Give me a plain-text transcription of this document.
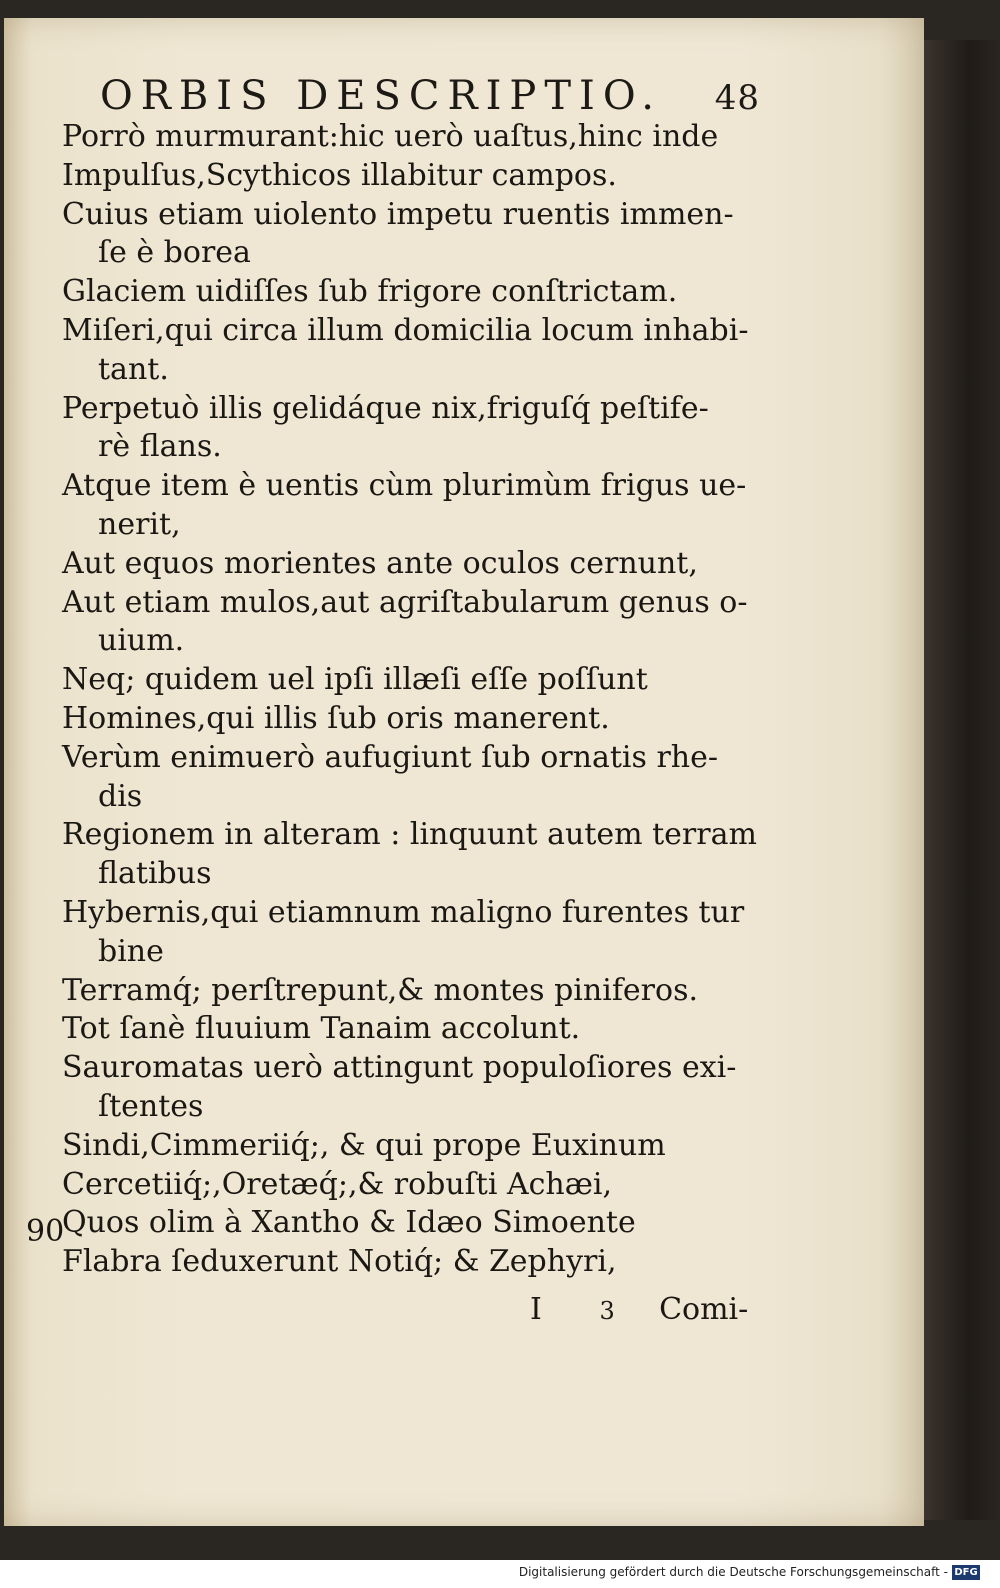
ORBIS DESCRIPTIO. 48
Porrò murmurant:hic uerò uaſtus,hinc inde
Impulſus,Scythicos illabitur campos.
Cuius etiam uiolento impetu ruentis immen-
ſe è borea
Glaciem uidiſſes ſub frigore conſtrictam.
Miſeri,qui circa illum domicilia locum inhabi-
tant.
Perpetuò illis gelidáque nix,friguſq́ peſtife-
rè flans.
Atque item è uentis cùm plurimùm frigus ue-
nerit,
Aut equos morientes ante oculos cernunt,
Aut etiam mulos,aut agriſtabularum genus o-
uium.
Neq; quidem uel ipſi illæſi eſſe poſſunt
Homines,qui illis ſub oris manerent.
Verùm enimuerò aufugiunt ſub ornatis rhe-
dis
Regionem in alteram : linquunt autem terram
flatibus
Hybernis,qui etiamnum maligno furentes tur
bine
Terramq́; perſtrepunt,& montes piniferos.
Tot ſanè fluuium Tanaim accolunt.
Sauromatas uerò attingunt populoſiores exi-
ſtentes
Sindi,Cimmeriiq́;, & qui prope Euxinum
Cercetiiq́;,Oretæq́;,& robuſti Achæi,
Quos olim à Xantho & Idæo Simoente
Flabra ſeduxerunt Notiq́; & Zephyri,
90
I 3 Comi-
Digitalisierung gefördert durch die Deutsche Forschungsgemeinschaft - DFG
